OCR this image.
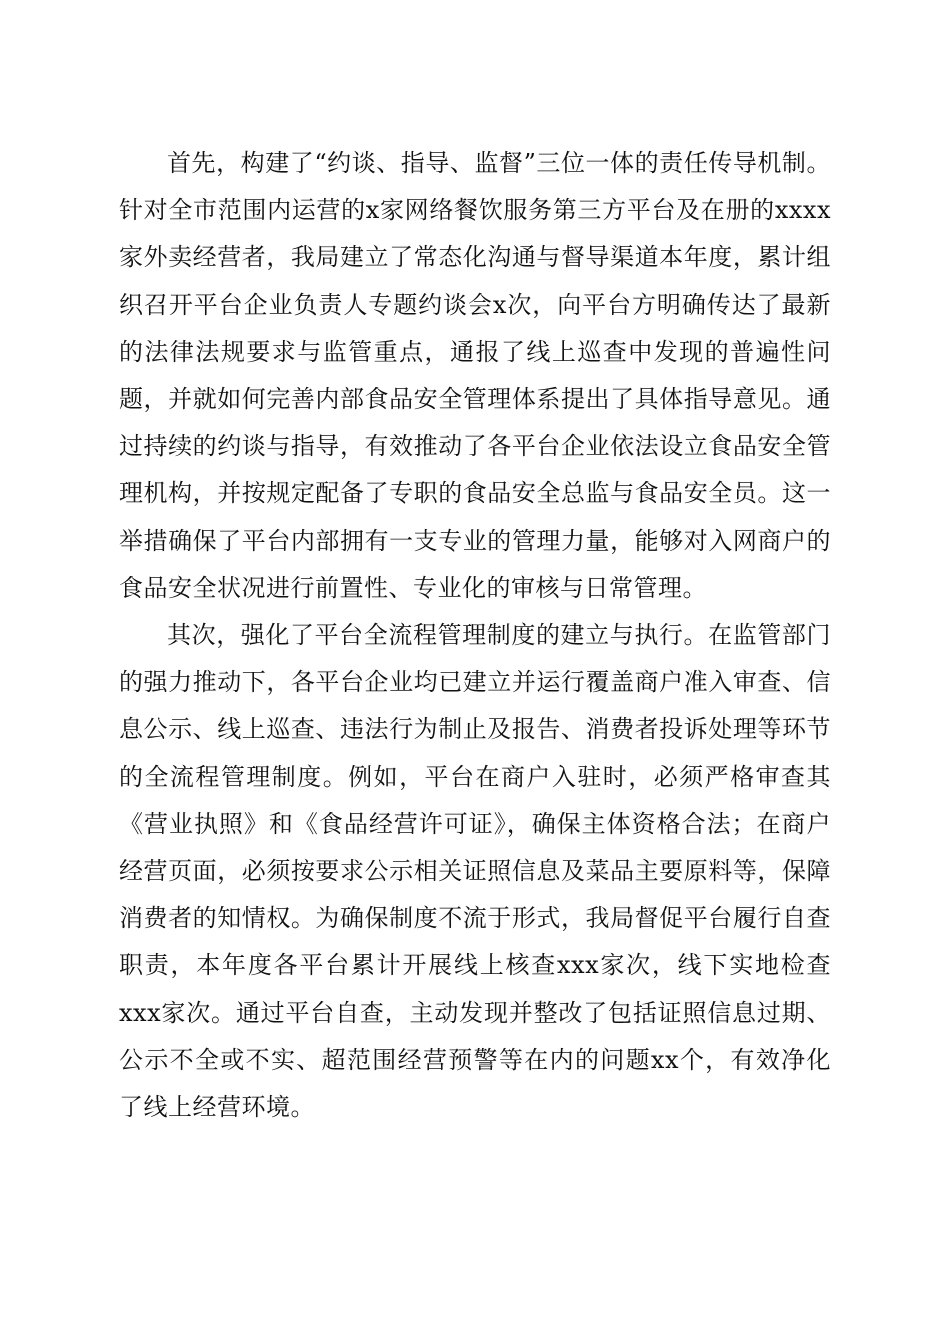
首先，构建了“约谈、指导、监督”三位一体的责任传导机制。针对全市范围内运营的x家网络餐饮服务第三方平台及在册的xxxx家外卖经营者，我局建立了常态化沟通与督导渠道本年度，累计组织召开平台企业负责人专题约谈会x次，向平台方明确传达了最新的法律法规要求与监管重点，通报了线上巡查中发现的普遍性问题，并就如何完善内部食品安全管理体系提出了具体指导意见。通过持续的约谈与指导，有效推动了各平台企业依法设立食品安全管理机构，并按规定配备了专职的食品安全总监与食品安全员。这一举措确保了平台内部拥有一支专业的管理力量，能够对入网商户的食品安全状况进行前置性、专业化的审核与日常管理。

其次，强化了平台全流程管理制度的建立与执行。在监管部门的强力推动下，各平台企业均已建立并运行覆盖商户准入审查、信息公示、线上巡查、违法行为制止及报告、消费者投诉处理等环节的全流程管理制度。例如，平台在商户入驻时，必须严格审查其《营业执照》和《食品经营许可证》，确保主体资格合法；在商户经营页面，必须按要求公示相关证照信息及菜品主要原料等，保障消费者的知情权。为确保制度不流于形式，我局督促平台履行自查职责，本年度各平台累计开展线上核查xxx家次，线下实地检查xxx家次。通过平台自查，主动发现并整改了包括证照信息过期、公示不全或不实、超范围经营预警等在内的问题xx个，有效净化了线上经营环境。
